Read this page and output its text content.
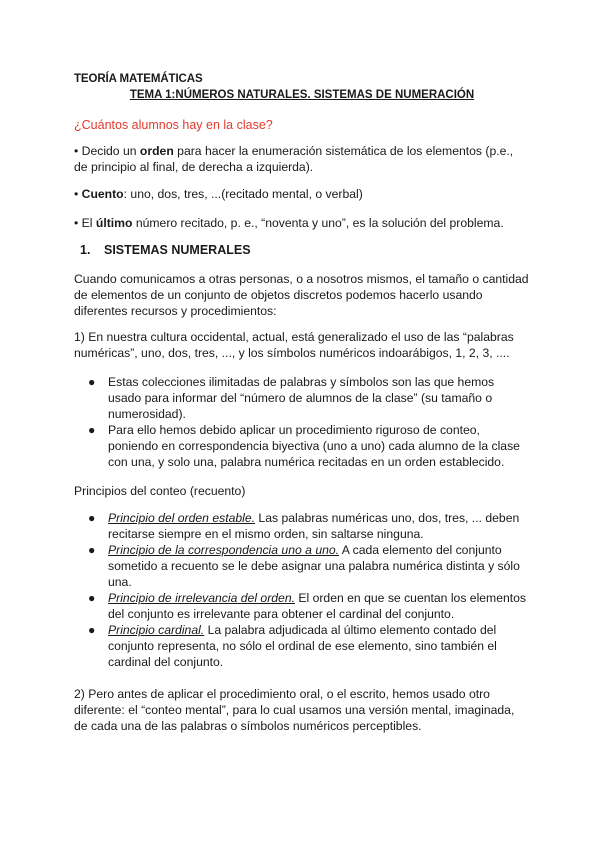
TEORÍA MATEMÁTICAS
TEMA 1:NÚMEROS NATURALES. SISTEMAS DE NUMERACIÓN
¿Cuántos alumnos hay en la clase?

• Decido un orden para hacer la enumeración sistemática de los elementos (p.e., de principio al final, de derecha a izquierda).

• Cuento: uno, dos, tres, ...(recitado mental, o verbal)

• El último número recitado, p. e., “noventa y uno”, es la solución del problema.

1. SISTEMAS NUMERALES

Cuando comunicamos a otras personas, o a nosotros mismos, el tamaño o cantidad de elementos de un conjunto de objetos discretos podemos hacerlo usando diferentes recursos y procedimientos:

1) En nuestra cultura occidental, actual, está generalizado el uso de las “palabras numéricas”, uno, dos, tres, ..., y los símbolos numéricos indoarábigos, 1, 2, 3, ....

● Estas colecciones ilimitadas de palabras y símbolos son las que hemos usado para informar del “número de alumnos de la clase” (su tamaño o numerosidad).
● Para ello hemos debido aplicar un procedimiento riguroso de conteo, poniendo en correspondencia biyectiva (uno a uno) cada alumno de la clase con una, y solo una, palabra numérica recitadas en un orden establecido.
Principios del conteo (recuento)
● Principio del orden estable. Las palabras numéricas uno, dos, tres, ... deben recitarse siempre en el mismo orden, sin saltarse ninguna.
● Principio de la correspondencia uno a uno. A cada elemento del conjunto sometido a recuento se le debe asignar una palabra numérica distinta y sólo una.
● Principio de irrelevancia del orden. El orden en que se cuentan los elementos del conjunto es irrelevante para obtener el cardinal del conjunto.
● Principio cardinal. La palabra adjudicada al último elemento contado del conjunto representa, no sólo el ordinal de ese elemento, sino también el cardinal del conjunto.

2) Pero antes de aplicar el procedimiento oral, o el escrito, hemos usado otro diferente: el “conteo mental”, para lo cual usamos una versión mental, imaginada, de cada una de las palabras o símbolos numéricos perceptibles.
